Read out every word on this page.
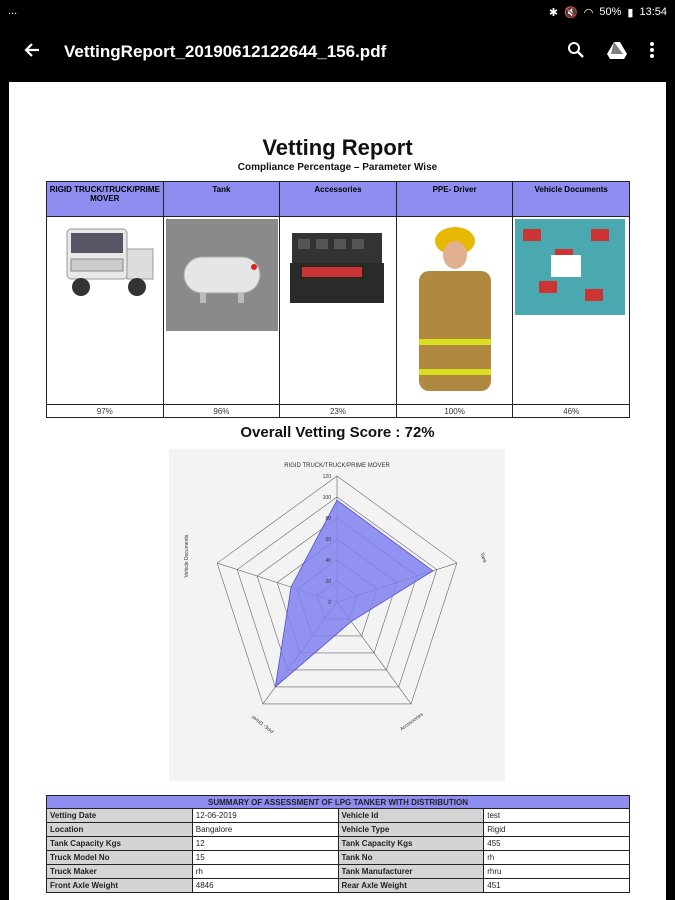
...	✱ 🔇 ◠ 50% ▮ 13:54
VettingReport_20190612122644_156.pdf
Vetting Report
Compliance Percentage – Parameter Wise
RIGID TRUCK/TRUCK/PRIME MOVER	Tank	Accessories	PPE- Driver	Vehicle Documents

97%	96%	23%	100%	46%
Overall Vetting Score : 72%
RIGID TRUCK/TRUCK/PRIME MOVER
0
20
40
60
80
100
120
Tank
Accessories
PPE- Driver
Vehicle Documents
SUMMARY OF ASSESSMENT OF LPG TANKER WITH DISTRIBUTION			
Vetting Date	12-06-2019	Vehicle Id	test
Location	Bangalore	Vehicle Type	Rigid
Tank Capacity Kgs	12	Tank Capacity Kgs	455
Truck Model No	15	Tank No	rh
Truck Maker	rh	Tank Manufacturer	rhru
Front Axle Weight	4846	Rear Axle Weight	451
